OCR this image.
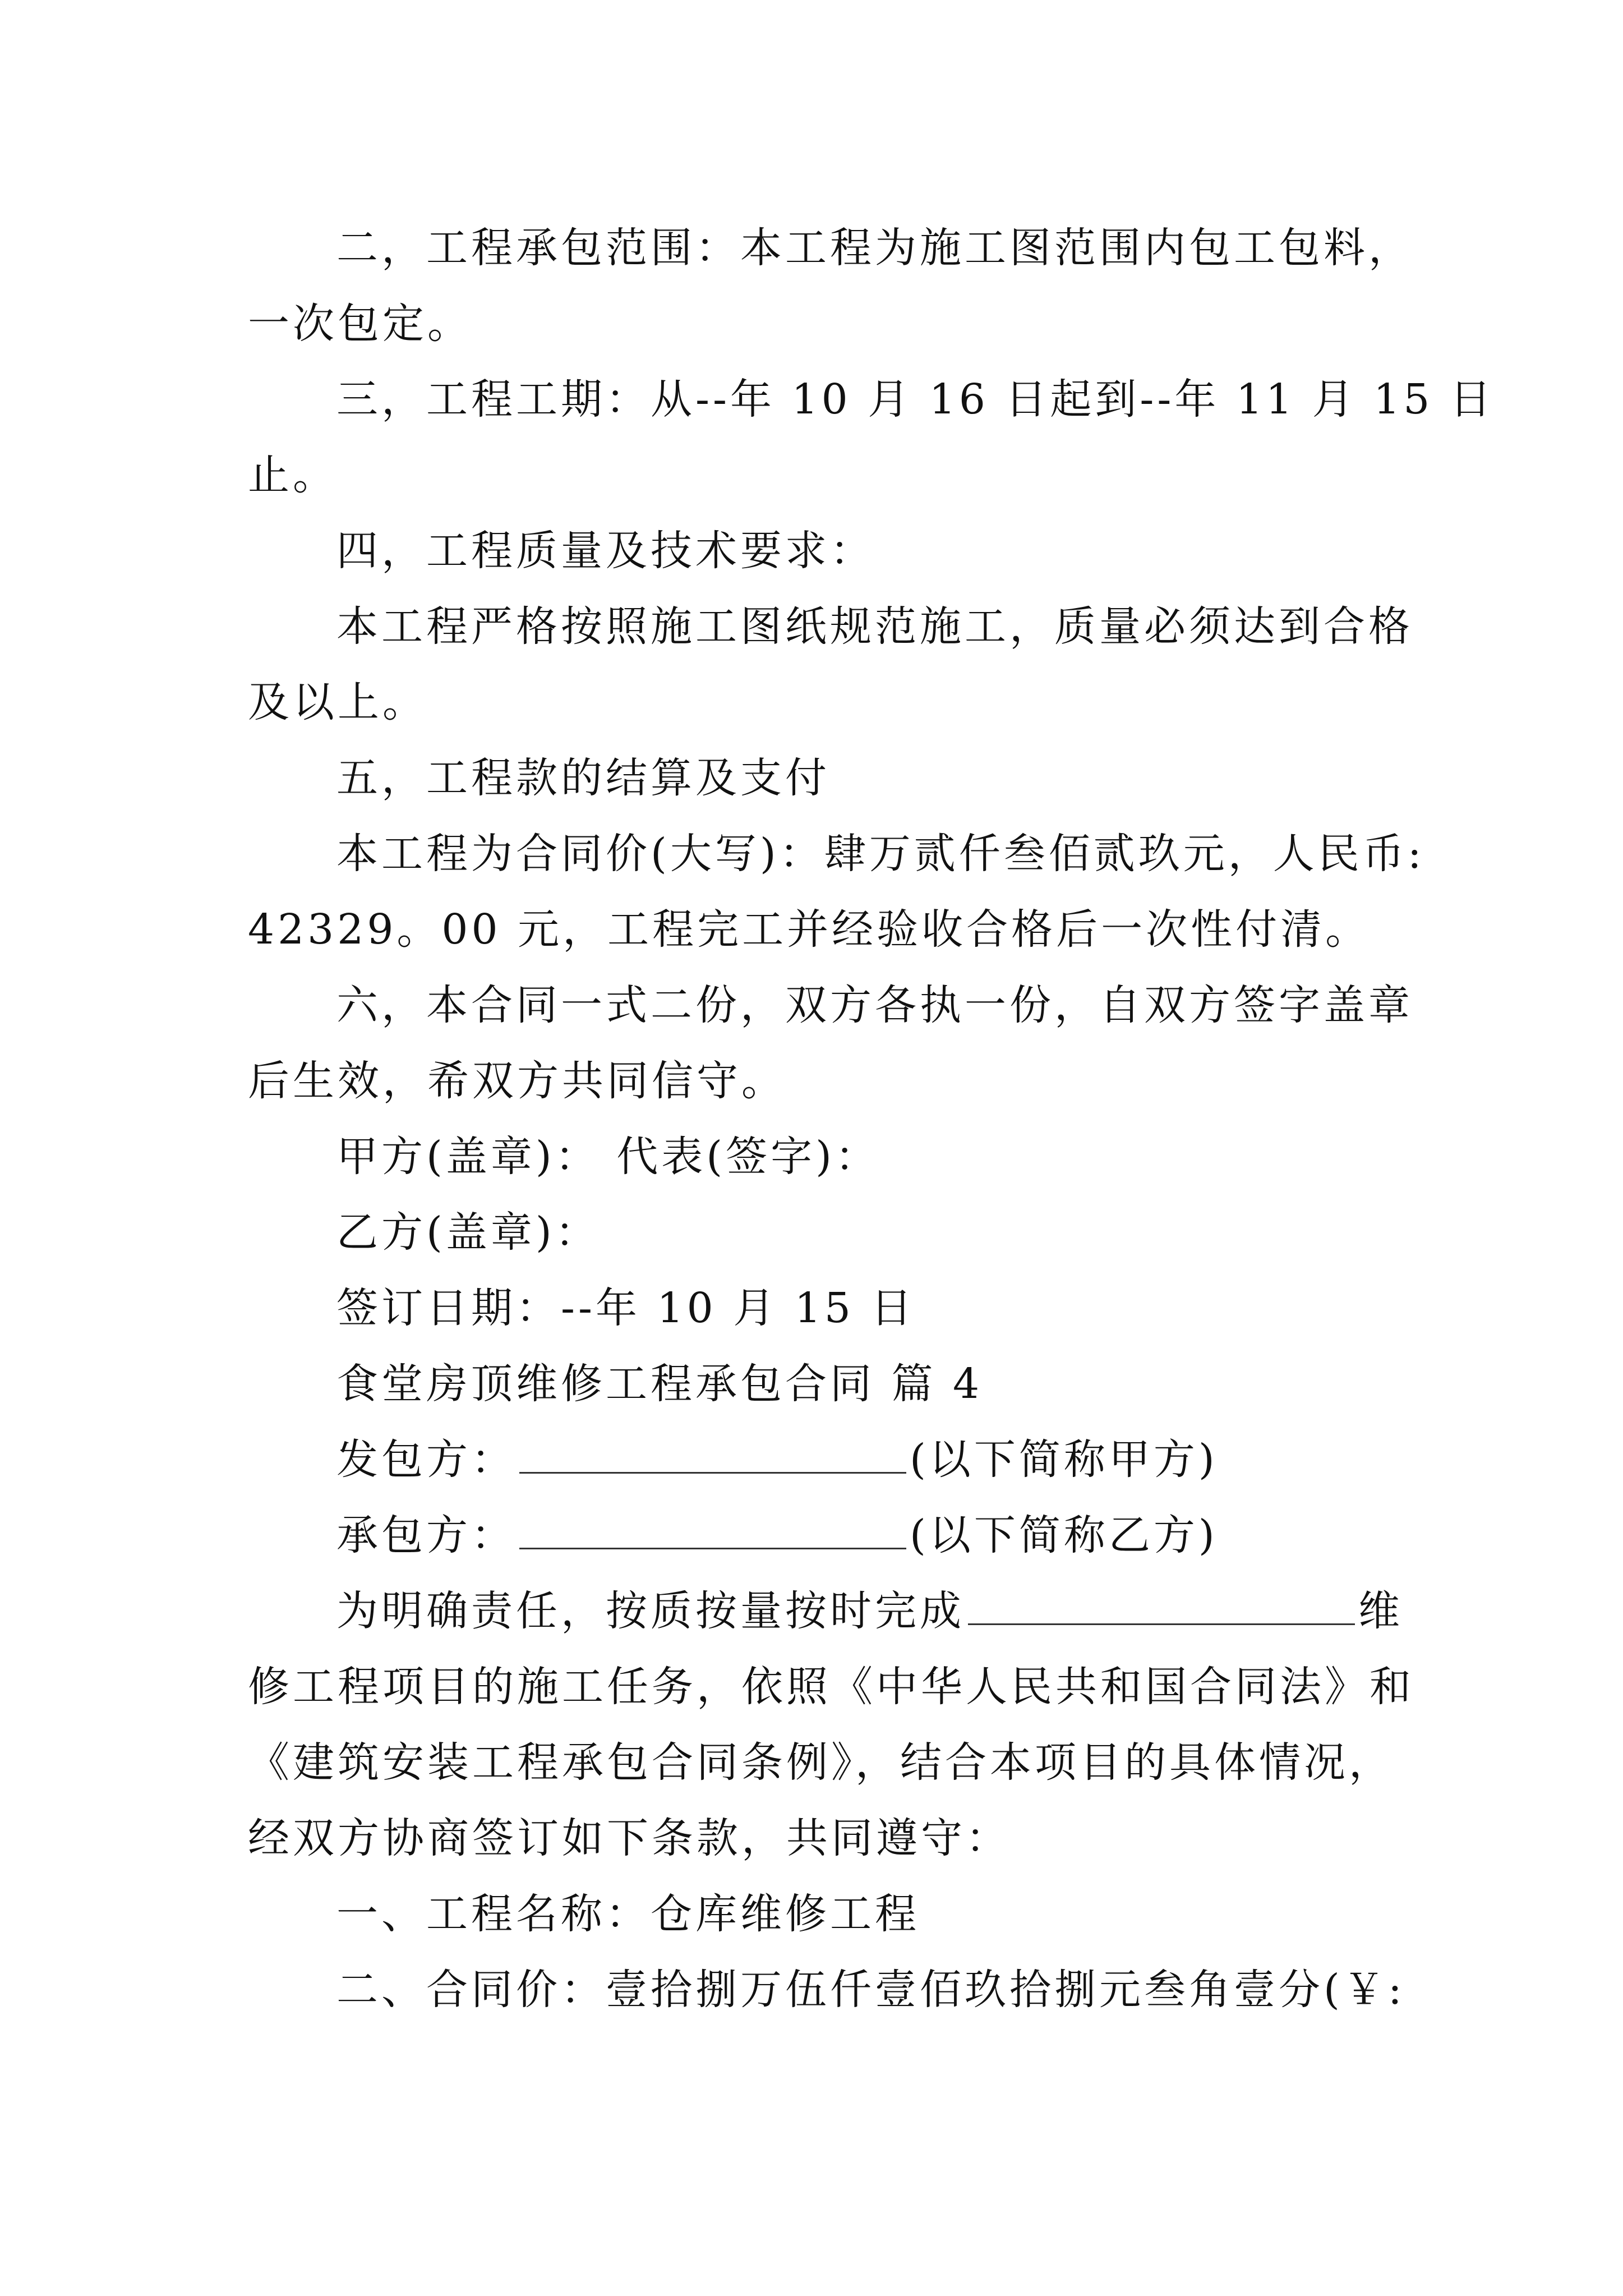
二，工程承包范围：本工程为施工图范围内包工包料，
一次包定。
三，工程工期：从--年 10 月 16 日起到--年 11 月 15 日
止。
四，工程质量及技术要求：
本工程严格按照施工图纸规范施工，质量必须达到合格
及以上。
五，工程款的结算及支付
本工程为合同价(大写)：肆万贰仟叁佰贰玖元，人民币:
42329。00 元，工程完工并经验收合格后一次性付清。
六，本合同一式二份，双方各执一份，自双方签字盖章
后生效，希双方共同信守。
甲方(盖章)： 代表(签字)：
乙方(盖章)：
签订日期：--年 10 月 15 日
食堂房顶维修工程承包合同 篇 4
发包方：	(以下简称甲方)
承包方：	(以下简称乙方)
为明确责任，按质按量按时完成	维
修工程项目的施工任务，依照《中华人民共和国合同法》和
《建筑安装工程承包合同条例》，结合本项目的具体情况，
经双方协商签订如下条款，共同遵守：
一、工程名称：仓库维修工程
二、合同价：壹拾捌万伍仟壹佰玖拾捌元叁角壹分(￥:
